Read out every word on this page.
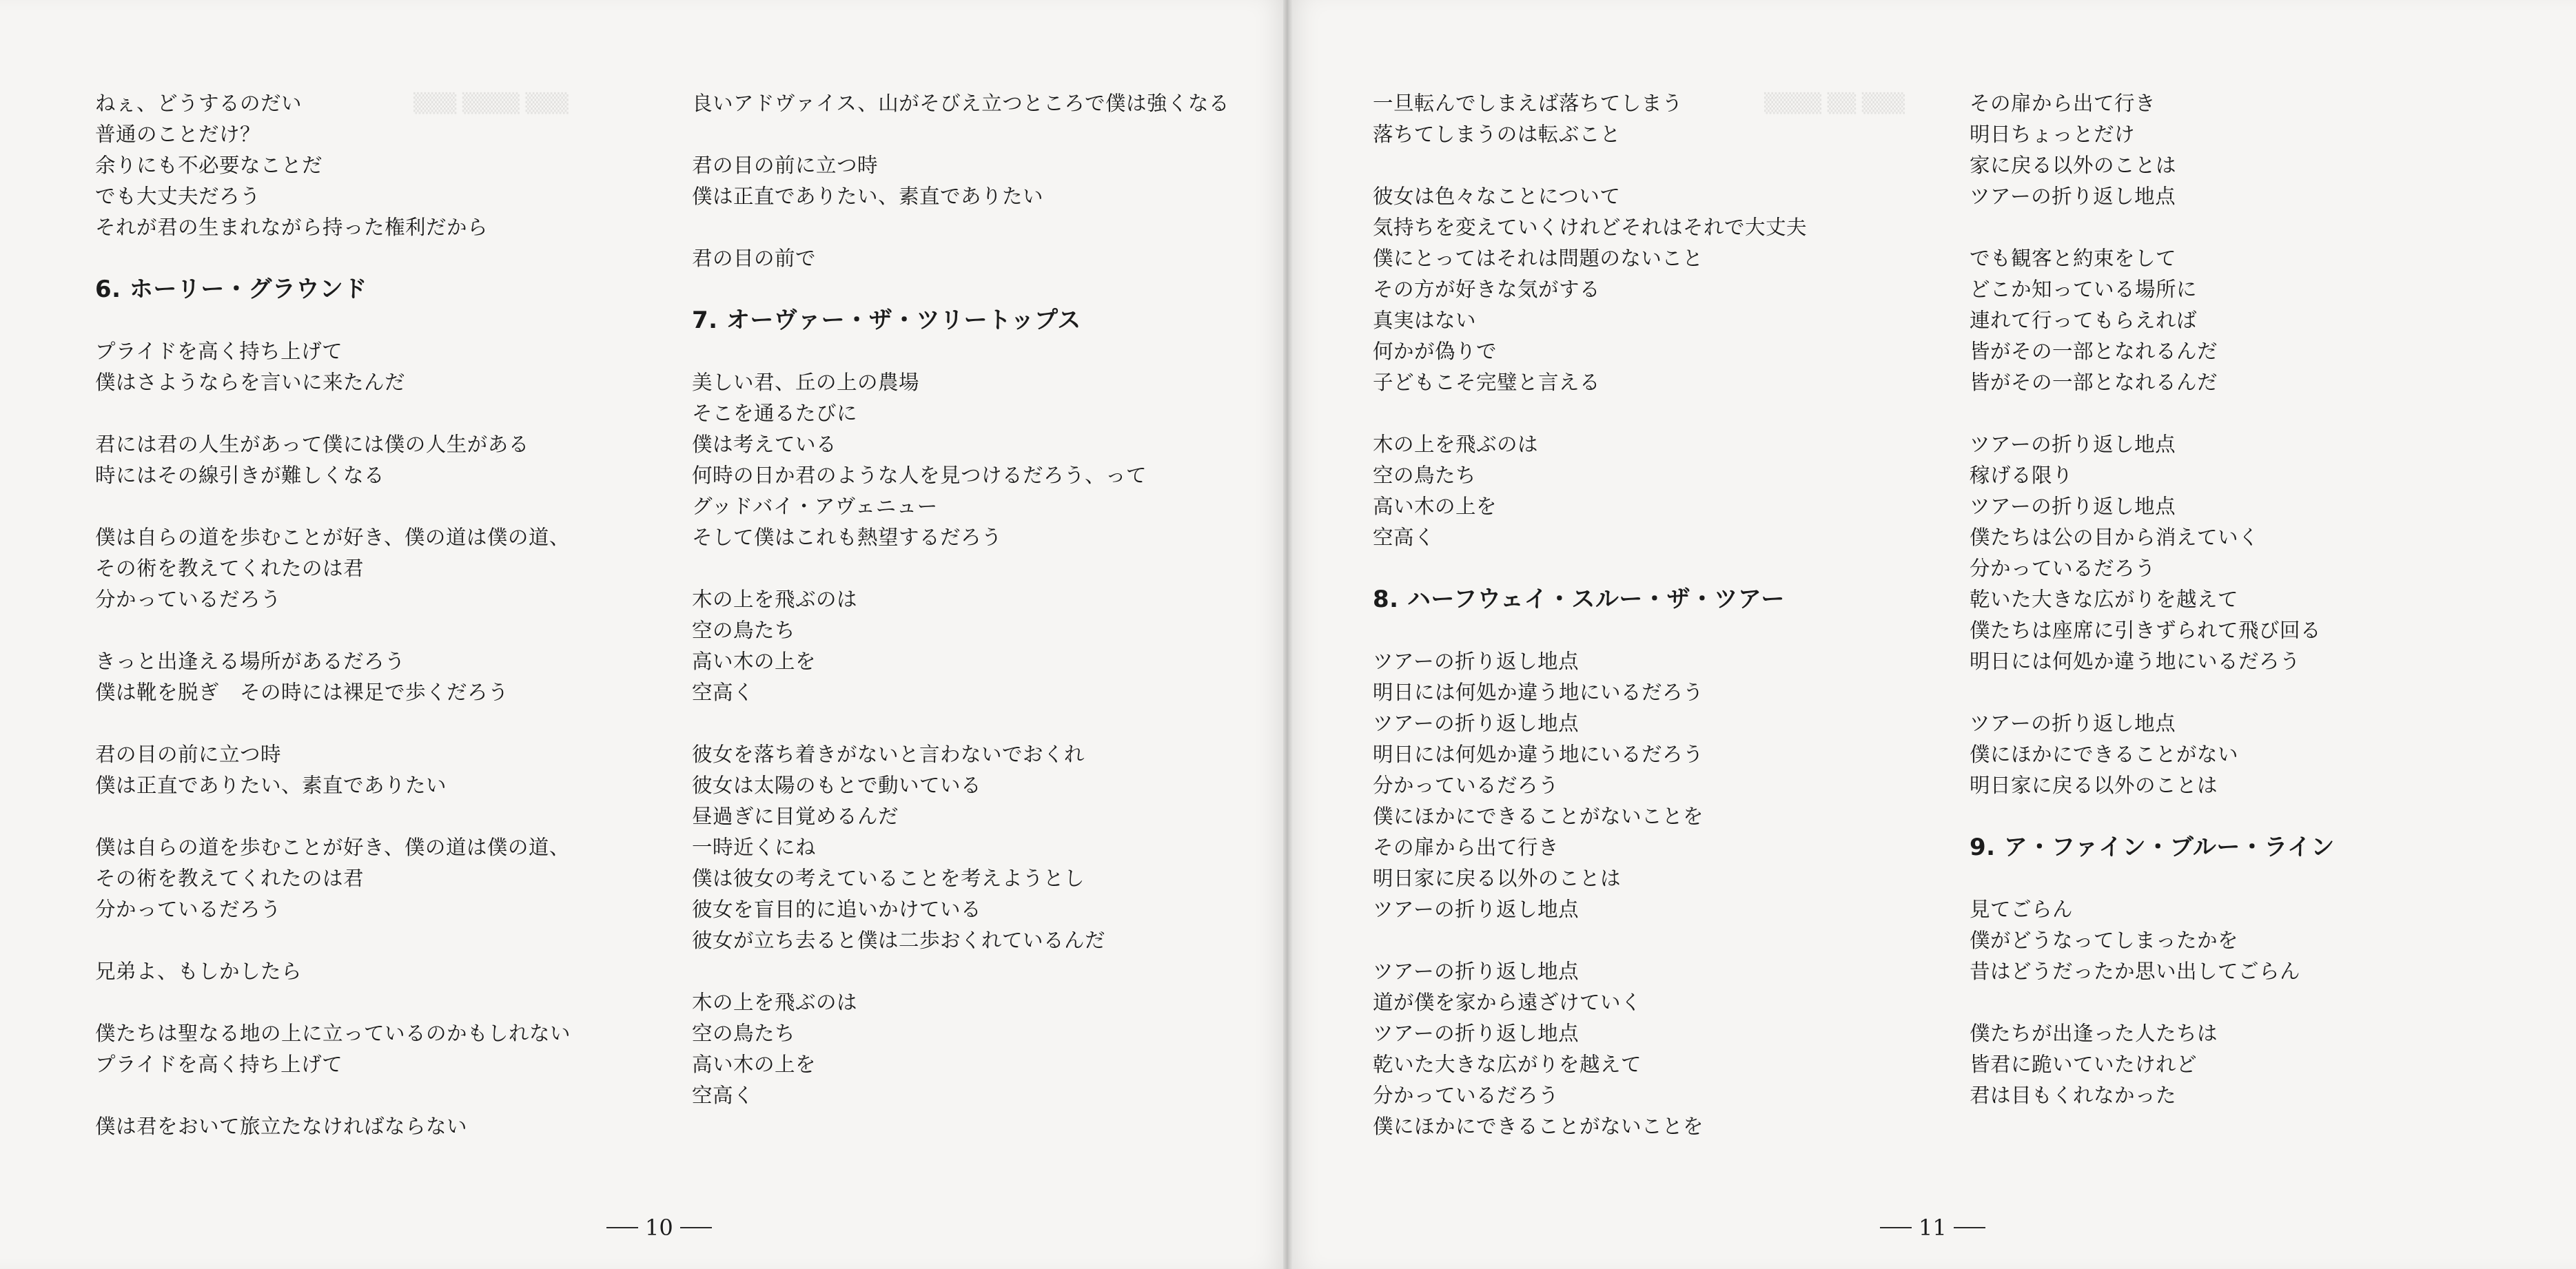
▒▒▒ ▒▒▒▒ ▒▒▒	▒▒▒▒ ▒▒ ▒▒▒
ねぇ、どうするのだい
普通のことだけ？
余りにも不必要なことだ
でも大丈夫だろう
それが君の生まれながら持った権利だから
6. ホーリー・グラウンド
プライドを高く持ち上げて
僕はさようならを言いに来たんだ
君には君の人生があって僕には僕の人生がある
時にはその線引きが難しくなる
僕は自らの道を歩むことが好き、僕の道は僕の道、
その術を教えてくれたのは君
分かっているだろう
きっと出逢える場所があるだろう
僕は靴を脱ぎ　その時には裸足で歩くだろう
君の目の前に立つ時
僕は正直でありたい、素直でありたい
僕は自らの道を歩むことが好き、僕の道は僕の道、
その術を教えてくれたのは君
分かっているだろう
兄弟よ、もしかしたら
僕たちは聖なる地の上に立っているのかもしれない
プライドを高く持ち上げて
僕は君をおいて旅立たなければならない
良いアドヴァイス、山がそびえ立つところで僕は強くなる
君の目の前に立つ時
僕は正直でありたい、素直でありたい
君の目の前で
7. オーヴァー・ザ・ツリートップス
美しい君、丘の上の農場
そこを通るたびに
僕は考えている
何時の日か君のような人を見つけるだろう、って
グッドバイ・アヴェニュー
そして僕はこれも熱望するだろう
木の上を飛ぶのは
空の鳥たち
高い木の上を
空高く
彼女を落ち着きがないと言わないでおくれ
彼女は太陽のもとで動いている
昼過ぎに目覚めるんだ
一時近くにね
僕は彼女の考えていることを考えようとし
彼女を盲目的に追いかけている
彼女が立ち去ると僕は二歩おくれているんだ
木の上を飛ぶのは
空の鳥たち
高い木の上を
空高く
一旦転んでしまえば落ちてしまう
落ちてしまうのは転ぶこと
彼女は色々なことについて
気持ちを変えていくけれどそれはそれで大丈夫
僕にとってはそれは問題のないこと
その方が好きな気がする
真実はない
何かが偽りで
子どもこそ完璧と言える
木の上を飛ぶのは
空の鳥たち
高い木の上を
空高く
8. ハーフウェイ・スルー・ザ・ツアー
ツアーの折り返し地点
明日には何処か違う地にいるだろう
ツアーの折り返し地点
明日には何処か違う地にいるだろう
分かっているだろう
僕にほかにできることがないことを
その扉から出て行き
明日家に戻る以外のことは
ツアーの折り返し地点
ツアーの折り返し地点
道が僕を家から遠ざけていく
ツアーの折り返し地点
乾いた大きな広がりを越えて
分かっているだろう
僕にほかにできることがないことを
その扉から出て行き
明日ちょっとだけ
家に戻る以外のことは
ツアーの折り返し地点
でも観客と約束をして
どこか知っている場所に
連れて行ってもらえれば
皆がその一部となれるんだ
皆がその一部となれるんだ
ツアーの折り返し地点
稼げる限り
ツアーの折り返し地点
僕たちは公の目から消えていく
分かっているだろう
乾いた大きな広がりを越えて
僕たちは座席に引きずられて飛び回る
明日には何処か違う地にいるだろう
ツアーの折り返し地点
僕にほかにできることがない
明日家に戻る以外のことは
9. ア・ファイン・ブルー・ライン
見てごらん
僕がどうなってしまったかを
昔はどうだったか思い出してごらん
僕たちが出逢った人たちは
皆君に跪いていたけれど
君は目もくれなかった
10	11
